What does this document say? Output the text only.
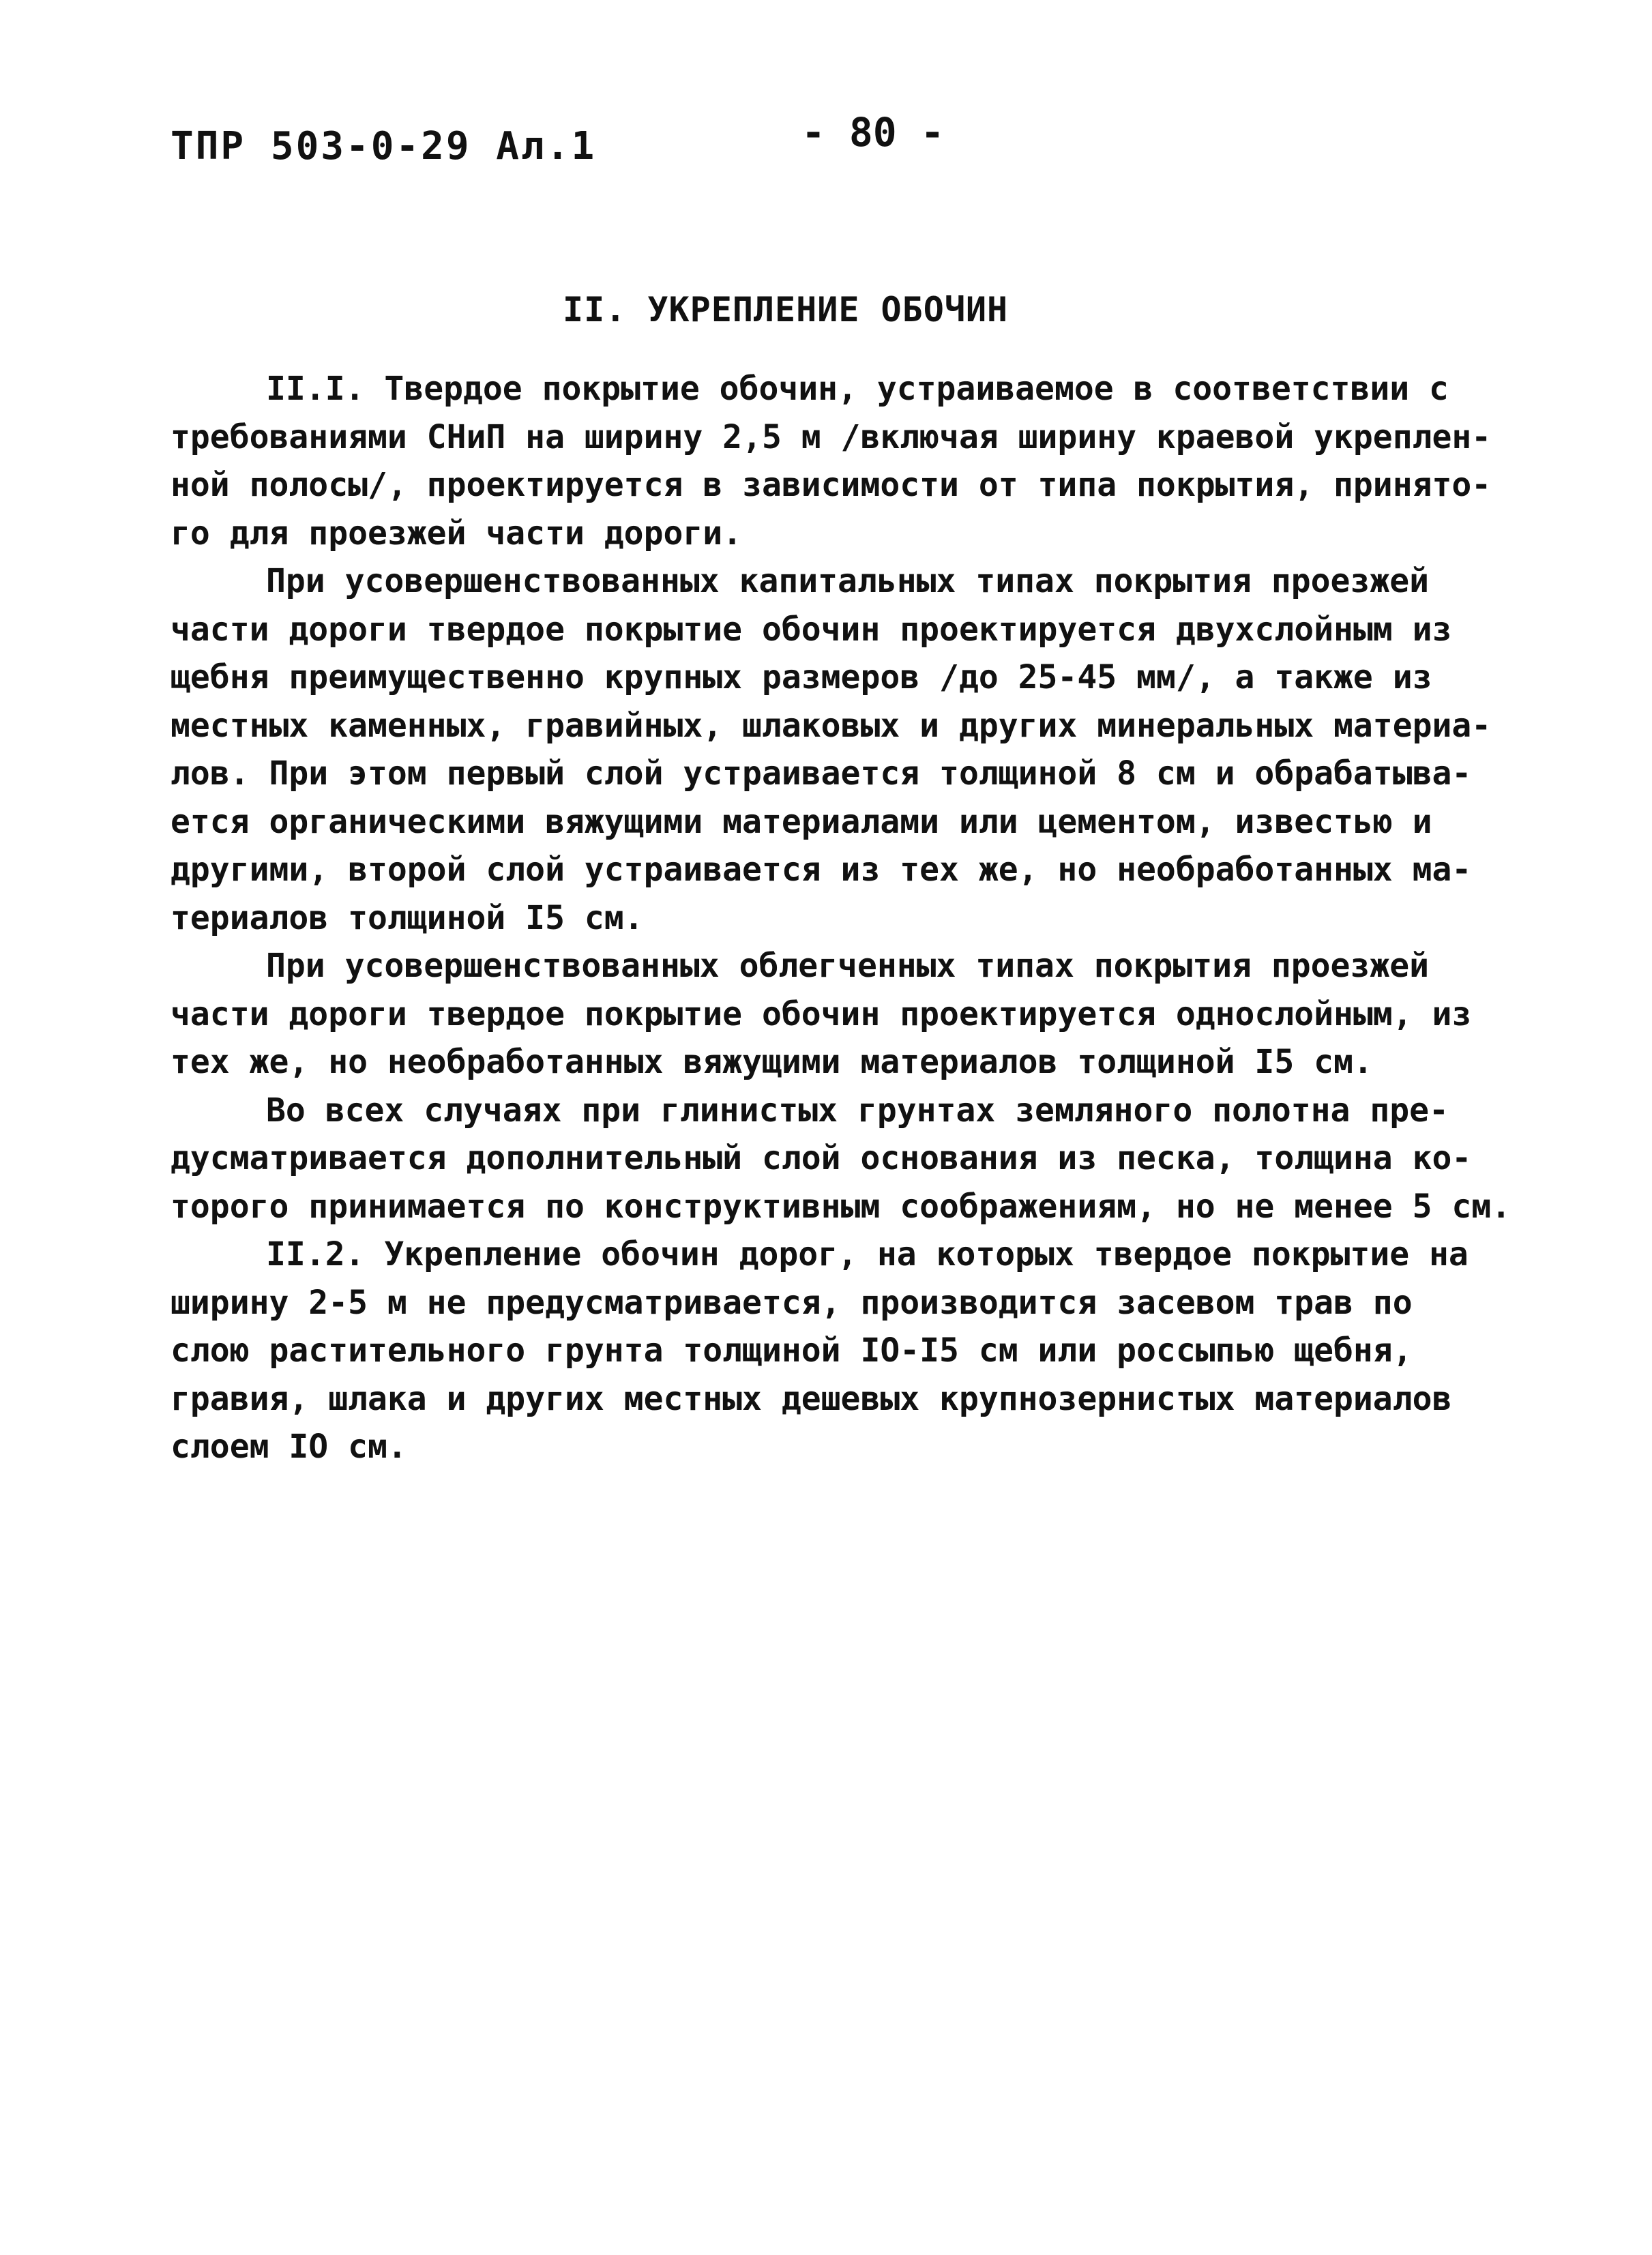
ТПР 503-0-29 Ал.1	- 80 -
II. УКРЕПЛЕНИЕ ОБОЧИН
II.I. Твердое покрытие обочин, устраиваемое в соответствии с
требованиями СНиП на ширину 2,5 м /включая ширину краевой укреплен-
ной полосы/, проектируется в зависимости от типа покрытия, принято-
го для проезжей части дороги.
При усовершенствованных капитальных типах покрытия проезжей
части дороги твердое покрытие обочин проектируется двухслойным из
щебня преимущественно крупных размеров /до 25-45 мм/, а также из
местных каменных, гравийных, шлаковых и других минеральных материа-
лов. При этом первый слой устраивается толщиной 8 см и обрабатыва-
ется органическими вяжущими материалами или цементом, известью и
другими, второй слой устраивается из тех же, но необработанных ма-
териалов толщиной I5 см.
При усовершенствованных облегченных типах покрытия проезжей
части дороги твердое покрытие обочин проектируется однослойным, из
тех же, но необработанных вяжущими материалов толщиной I5 см.
Во всех случаях при глинистых грунтах земляного полотна пре-
дусматривается дополнительный слой основания из песка, толщина ко-
торого принимается по конструктивным соображениям, но не менее 5 см.
II.2. Укрепление обочин дорог, на которых твердое покрытие на
ширину 2-5 м не предусматривается, производится засевом трав по
слою растительного грунта толщиной IO-I5 см или россыпью щебня,
гравия, шлака и других местных дешевых крупнозернистых материалов
слоем IO см.
